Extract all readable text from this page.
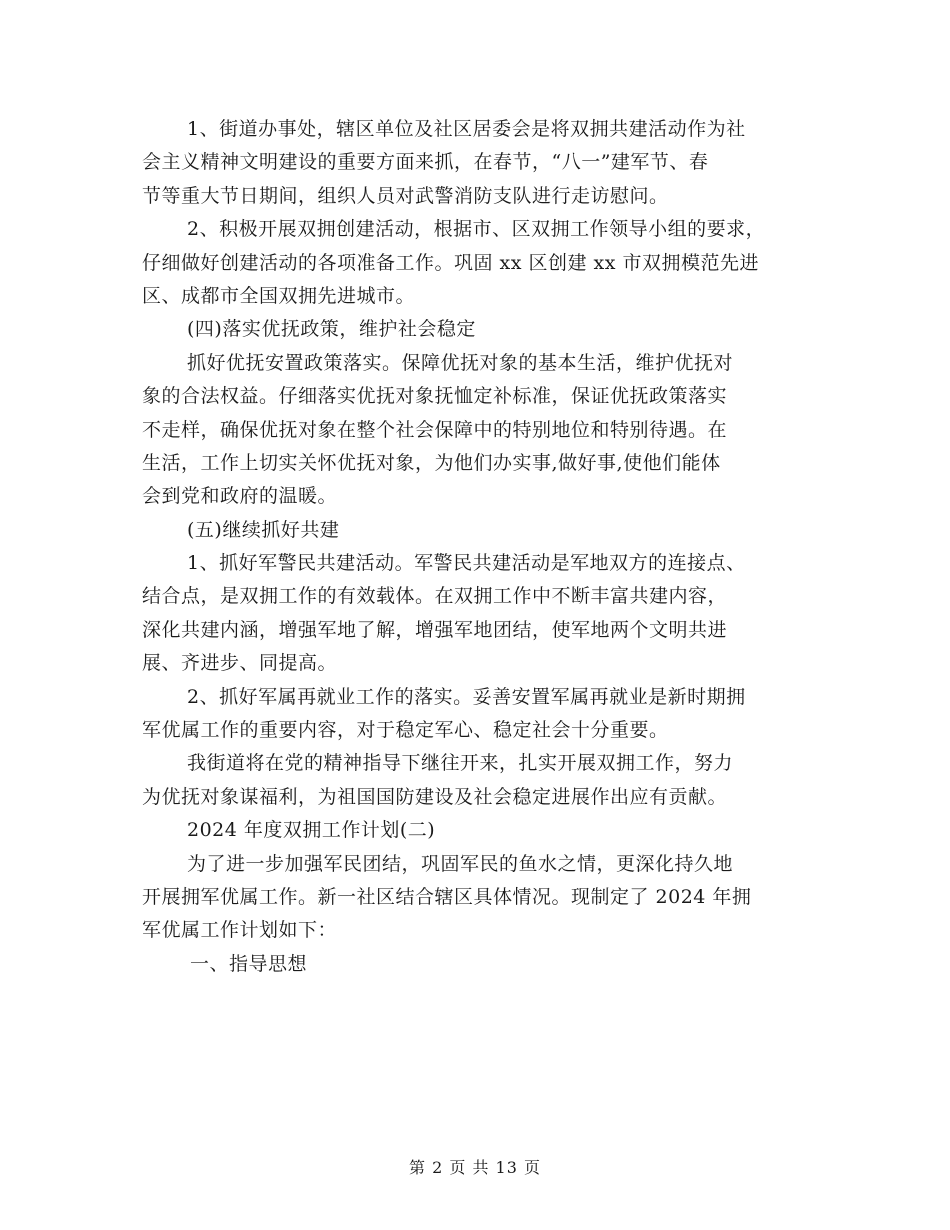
1、街道办事处，辖区单位及社区居委会是将双拥共建活动作为社
会主义精神文明建设的重要方面来抓，在春节，“八一”建军节、春
节等重大节日期间，组织人员对武警消防支队进行走访慰问。
2、积极开展双拥创建活动，根据市、区双拥工作领导小组的要求，
仔细做好创建活动的各项准备工作。巩固 xx 区创建 xx 市双拥模范先进
区、成都市全国双拥先进城市。
(四)落实优抚政策，维护社会稳定
抓好优抚安置政策落实。保障优抚对象的基本生活，维护优抚对
象的合法权益。仔细落实优抚对象抚恤定补标准，保证优抚政策落实
不走样，确保优抚对象在整个社会保障中的特别地位和特别待遇。在
生活，工作上切实关怀优抚对象，为他们办实事,做好事,使他们能体
会到党和政府的温暖。
(五)继续抓好共建
1、抓好军警民共建活动。军警民共建活动是军地双方的连接点、
结合点，是双拥工作的有效载体。在双拥工作中不断丰富共建内容，
深化共建内涵，增强军地了解，增强军地团结，使军地两个文明共进
展、齐进步、同提高。
2、抓好军属再就业工作的落实。妥善安置军属再就业是新时期拥
军优属工作的重要内容，对于稳定军心、稳定社会十分重要。
我街道将在党的精神指导下继往开来，扎实开展双拥工作，努力
为优抚对象谋福利，为祖国国防建设及社会稳定进展作出应有贡献。
2024 年度双拥工作计划(二)
为了进一步加强军民团结，巩固军民的鱼水之情，更深化持久地
开展拥军优属工作。新一社区结合辖区具体情况。现制定了 2024 年拥
军优属工作计划如下：
一、指导思想
第 2 页 共 13 页
